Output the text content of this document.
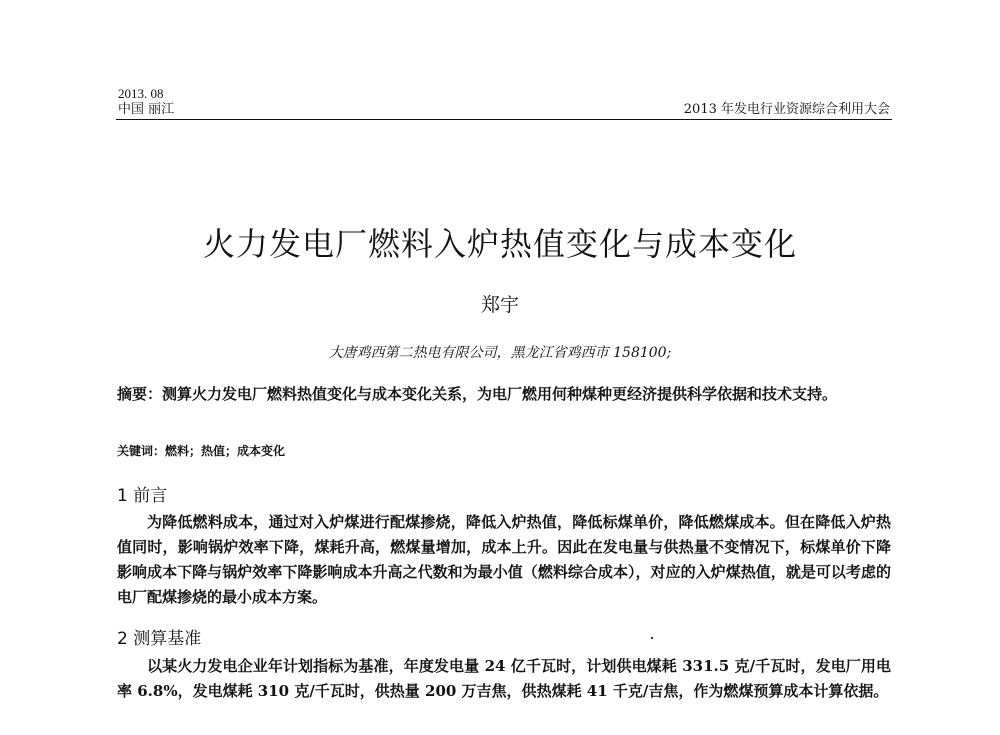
2013. 08
中国 丽江	2013 年发电行业资源综合利用大会
火力发电厂燃料入炉热值变化与成本变化
郑宇
大唐鸡西第二热电有限公司，黑龙江省鸡西市 158100;
摘要：测算火力发电厂燃料热值变化与成本变化关系，为电厂燃用何种煤种更经济提供科学依据和技术支持。
关键词：燃料；热值；成本变化
1 前言
为降低燃料成本，通过对入炉煤进行配煤掺烧，降低入炉热值，降低标煤单价，降低燃煤成本。但在降低入炉热值同时，影响锅炉效率下降，煤耗升高，燃煤量增加，成本上升。因此在发电量与供热量不变情况下，标煤单价下降影响成本下降与锅炉效率下降影响成本升高之代数和为最小值（燃料综合成本），对应的入炉煤热值，就是可以考虑的电厂配煤掺烧的最小成本方案。
2 测算基准
以某火力发电企业年计划指标为基准，年度发电量 24 亿千瓦时，计划供电煤耗 331.5 克/千瓦时，发电厂用电率 6.8%，发电煤耗 310 克/千瓦时，供热量 200 万吉焦，供热煤耗 41 千克/吉焦，作为燃煤预算成本计算依据。
